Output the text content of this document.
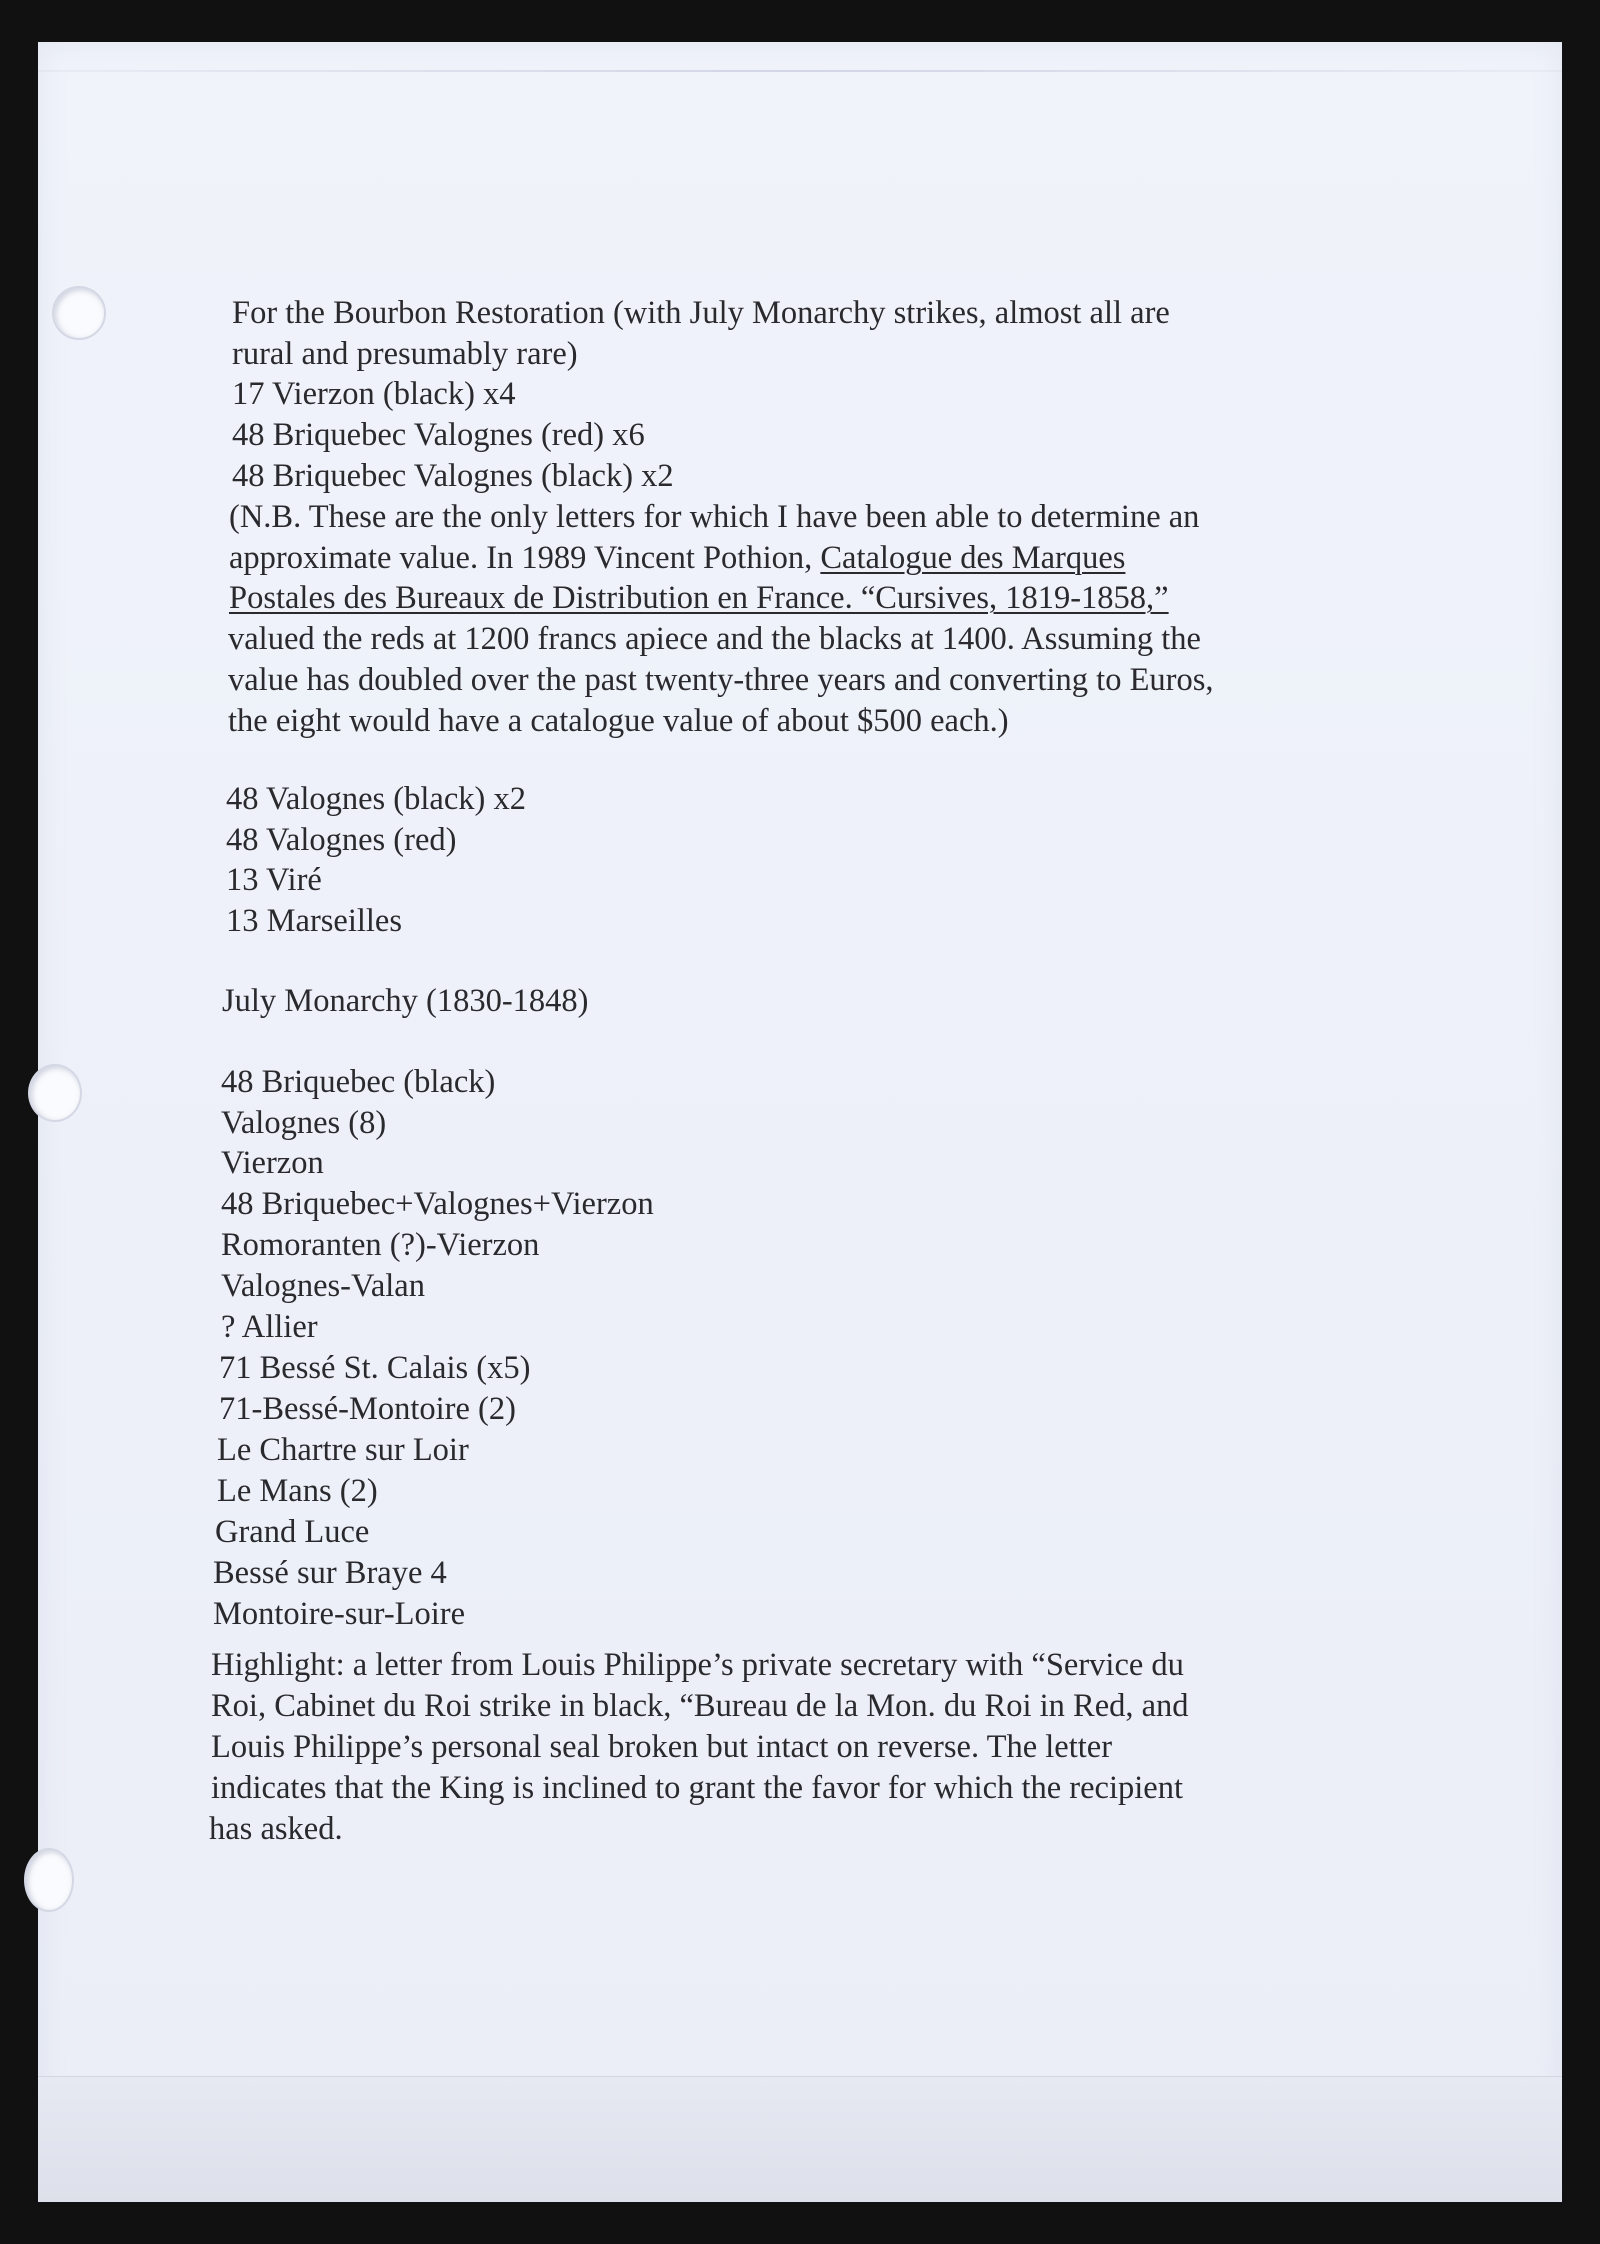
For the Bourbon Restoration (with July Monarchy strikes, almost all are
rural and presumably rare)
17 Vierzon (black) x4
48 Briquebec Valognes (red) x6
48 Briquebec Valognes (black) x2
(N.B. These are the only letters for which I have been able to determine an
approximate value. In 1989 Vincent Pothion, Catalogue des Marques
Postales des Bureaux de Distribution en France. “Cursives, 1819-1858,”
valued the reds at 1200 francs apiece and the blacks at 1400. Assuming the
value has doubled over the past twenty-three years and converting to Euros,
the eight would have a catalogue value of about $500 each.)
48 Valognes (black) x2
48 Valognes (red)
13 Viré
13 Marseilles
July Monarchy (1830-1848)
48 Briquebec (black)
Valognes (8)
Vierzon
48 Briquebec+Valognes+Vierzon
Romoranten (?)-Vierzon
Valognes-Valan
? Allier
71 Bessé St. Calais (x5)
71-Bessé-Montoire (2)
Le Chartre sur Loir
Le Mans (2)
Grand Luce
Bessé sur Braye 4
Montoire-sur-Loire
Highlight: a letter from Louis Philippe’s private secretary with “Service du
Roi, Cabinet du Roi strike in black, “Bureau de la Mon. du Roi in Red, and
Louis Philippe’s personal seal broken but intact on reverse. The letter
indicates that the King is inclined to grant the favor for which the recipient
has asked.
